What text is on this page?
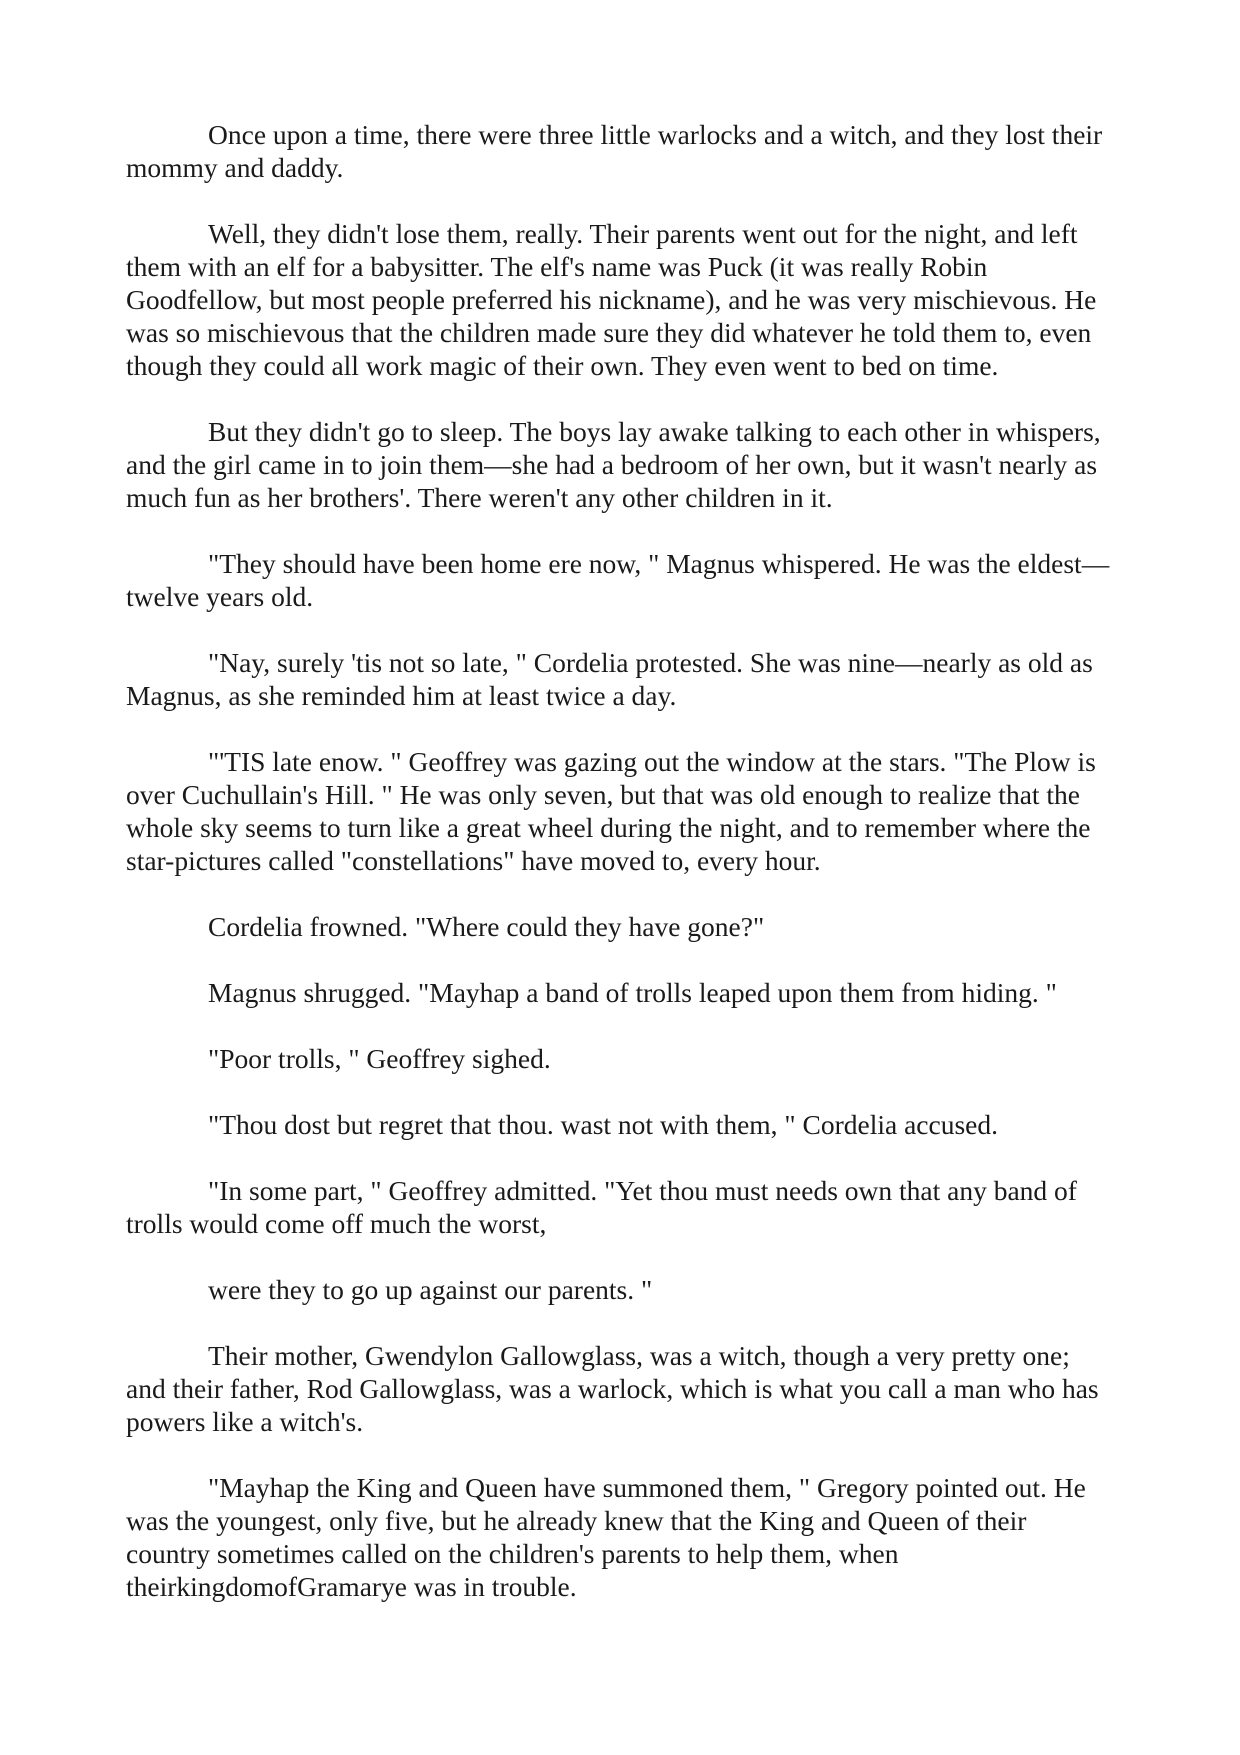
Once upon a time, there were three little warlocks and a witch, and they lost their mommy and daddy.

Well, they didn't lose them, really. Their parents went out for the night, and left them with an elf for a babysitter. The elf's name was Puck (it was really Robin Goodfellow, but most people preferred his nickname), and he was very mischievous. He was so mischievous that the children made sure they did whatever he told them to, even though they could all work magic of their own. They even went to bed on time.

But they didn't go to sleep. The boys lay awake talking to each other in whispers, and the girl came in to join them—she had a bedroom of her own, but it wasn't nearly as much fun as her brothers'. There weren't any other children in it.

"They should have been home ere now, " Magnus whispered. He was the eldest—twelve years old.

"Nay, surely 'tis not so late, " Cordelia protested. She was nine—nearly as old as Magnus, as she reminded him at least twice a day.

"'TIS late enow. " Geoffrey was gazing out the window at the stars. "The Plow is over Cuchullain's Hill. " He was only seven, but that was old enough to realize that the whole sky seems to turn like a great wheel during the night, and to remember where the star-pictures called "constellations" have moved to, every hour.

Cordelia frowned. "Where could they have gone?"

Magnus shrugged. "Mayhap a band of trolls leaped upon them from hiding. "

"Poor trolls, " Geoffrey sighed.

"Thou dost but regret that thou. wast not with them, " Cordelia accused.

"In some part, " Geoffrey admitted. "Yet thou must needs own that any band of trolls would come off much the worst,

were they to go up against our parents. "

Their mother, Gwendylon Gallowglass, was a witch, though a very pretty one; and their father, Rod Gallowglass, was a warlock, which is what you call a man who has powers like a witch's.

"Mayhap the King and Queen have summoned them, " Gregory pointed out. He was the youngest, only five, but he already knew that the King and Queen of their country sometimes called on the children's parents to help them, when theirkingdomofGramarye was in trouble.
